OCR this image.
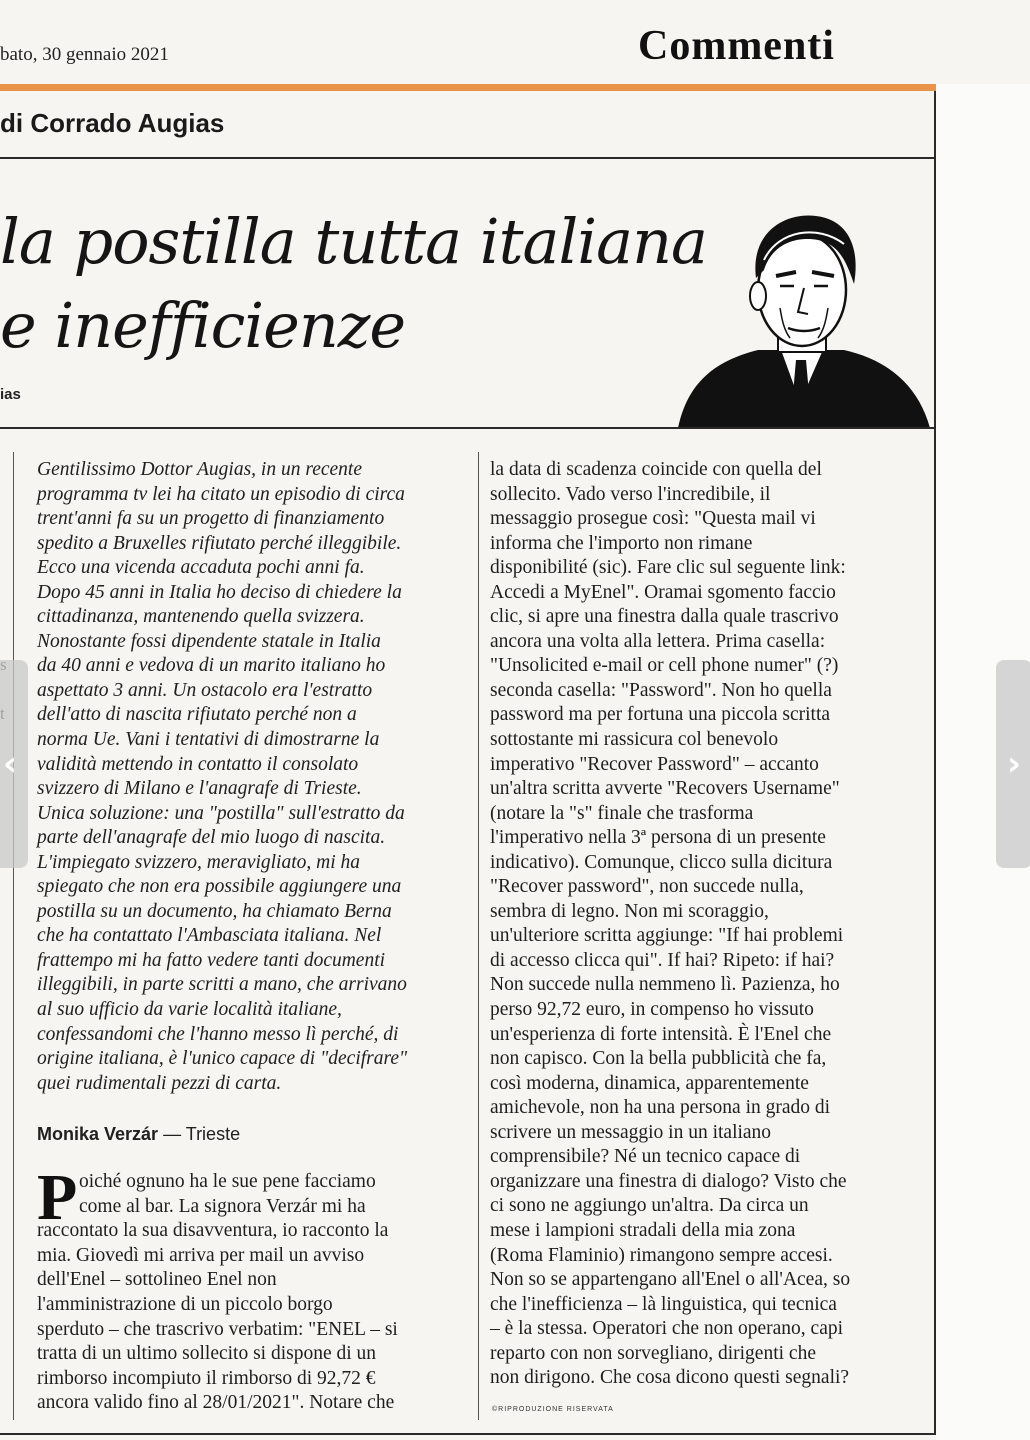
bato, 30 gennaio 2021	Commenti
di Corrado Augias
la postilla tutta italiana
e inefficienze
ias
Gentilissimo Dottor Augias, in un recente
programma tv lei ha citato un episodio di circa
trent'anni fa su un progetto di finanziamento
spedito a Bruxelles rifiutato perché illeggibile.
Ecco una vicenda accaduta pochi anni fa.
Dopo 45 anni in Italia ho deciso di chiedere la
cittadinanza, mantenendo quella svizzera.
Nonostante fossi dipendente statale in Italia
da 40 anni e vedova di un marito italiano ho
aspettato 3 anni. Un ostacolo era l'estratto
dell'atto di nascita rifiutato perché non a
norma Ue. Vani i tentativi di dimostrarne la
validità mettendo in contatto il consolato
svizzero di Milano e l'anagrafe di Trieste.
Unica soluzione: una "postilla" sull'estratto da
parte dell'anagrafe del mio luogo di nascita.
L'impiegato svizzero, meravigliato, mi ha
spiegato che non era possibile aggiungere una
postilla su un documento, ha chiamato Berna
che ha contattato l'Ambasciata italiana. Nel
frattempo mi ha fatto vedere tanti documenti
illeggibili, in parte scritti a mano, che arrivano
al suo ufficio da varie località italiane,
confessandomi che l'hanno messo lì perché, di
origine italiana, è l'unico capace di "decifrare"
quei rudimentali pezzi di carta.
Monika Verzár — Trieste
P oiché ognuno ha le sue pene facciamo
come al bar. La signora Verzár mi ha
raccontato la sua disavventura, io racconto la
mia. Giovedì mi arriva per mail un avviso
dell'Enel – sottolineo Enel non
l'amministrazione di un piccolo borgo
sperduto – che trascrivo verbatim: "ENEL – si
tratta di un ultimo sollecito si dispone di un
rimborso incompiuto il rimborso di 92,72 €
ancora valido fino al 28/01/2021". Notare che
la data di scadenza coincide con quella del
sollecito. Vado verso l'incredibile, il
messaggio prosegue così: "Questa mail vi
informa che l'importo non rimane
disponibilité (sic). Fare clic sul seguente link:
Accedi a MyEnel". Oramai sgomento faccio
clic, si apre una finestra dalla quale trascrivo
ancora una volta alla lettera. Prima casella:
"Unsolicited e-mail or cell phone numer" (?)
seconda casella: "Password". Non ho quella
password ma per fortuna una piccola scritta
sottostante mi rassicura col benevolo
imperativo "Recover Password" – accanto
un'altra scritta avverte "Recovers Username"
(notare la "s" finale che trasforma
l'imperativo nella 3ª persona di un presente
indicativo). Comunque, clicco sulla dicitura
"Recover password", non succede nulla,
sembra di legno. Non mi scoraggio,
un'ulteriore scritta aggiunge: "If hai problemi
di accesso clicca qui". If hai? Ripeto: if hai?
Non succede nulla nemmeno lì. Pazienza, ho
perso 92,72 euro, in compenso ho vissuto
un'esperienza di forte intensità. È l'Enel che
non capisco. Con la bella pubblicità che fa,
così moderna, dinamica, apparentemente
amichevole, non ha una persona in grado di
scrivere un messaggio in un italiano
comprensibile? Né un tecnico capace di
organizzare una finestra di dialogo? Visto che
ci sono ne aggiungo un'altra. Da circa un
mese i lampioni stradali della mia zona
(Roma Flaminio) rimangono sempre accesi.
Non so se appartengano all'Enel o all'Acea, so
che l'inefficienza – là linguistica, qui tecnica
– è la stessa. Operatori che non operano, capi
reparto con non sorvegliano, dirigenti che
non dirigono. Che cosa dicono questi segnali?
©RIPRODUZIONE RISERVATA
‹	›
